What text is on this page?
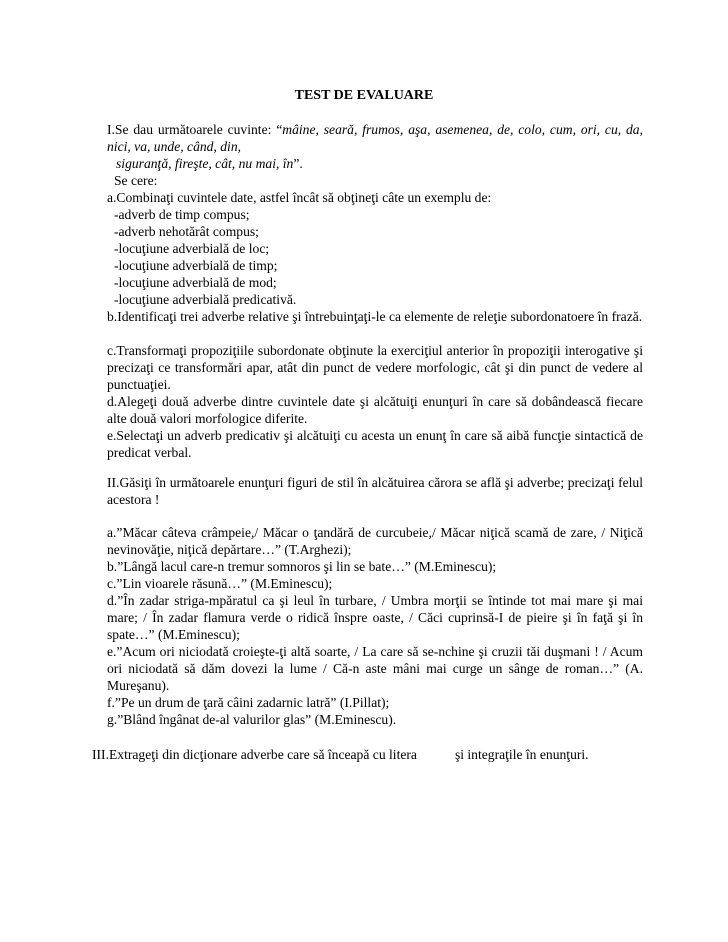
TEST DE EVALUARE
I.Se dau următoarele cuvinte: “mâine, seară, frumos, aşa, asemenea, de, colo, cum, ori, cu, da, nici, va, unde, când, din,
siguranţă, fireşte, cât, nu mai, în”.
Se cere:
a.Combinaţi cuvintele date, astfel încât să obţineţi câte un exemplu de:
-adverb de timp compus;
-adverb nehotărât compus;
-locuţiune adverbială de loc;
-locuţiune adverbială de timp;
-locuţiune adverbială de mod;
-locuţiune adverbială predicativă.
b.Identificaţi trei adverbe relative şi întrebuinţaţi-le ca elemente de releţie subordonatoere în frază.
c.Transformaţi propoziţiile subordonate obţinute la exerciţiul anterior în propoziţii interogative şi precizaţi ce transformări apar, atât din punct de vedere morfologic, cât şi din punct de vedere al punctuaţiei.
d.Alegeţi două adverbe dintre cuvintele date şi alcătuiţi enunţuri în care să dobândească fiecare alte două valori morfologice diferite.
e.Selectaţi un adverb predicativ şi alcătuiţi cu acesta un enunţ în care să aibă funcţie sintactică de predicat verbal.
II.Găsiţi în următoarele enunţuri figuri de stil în alcătuirea cărora se află şi adverbe; precizaţi felul acestora !
a.”Măcar câteva crâmpeie,/ Măcar o ţandără de curcubeie,/ Măcar niţică scamă de zare, / Niţică nevinovăţie, niţică depărtare…” (T.Arghezi);
b.”Lângă lacul care-n tremur somnoros şi lin se bate…” (M.Eminescu);
c.”Lin vioarele răsună…” (M.Eminescu);
d.”În zadar striga-mpăratul ca şi leul în turbare, / Umbra morţii se întinde tot mai mare şi mai mare; / În zadar flamura verde o ridică înspre oaste, / Căci cuprinsă-I de pieire şi în faţă şi în spate…” (M.Eminescu);
e.”Acum ori niciodată croieşte-ţi altă soarte, / La care să se-nchine şi cruzii tăi duşmani ! / Acum ori niciodată să dăm dovezi la lume / Că-n aste mâni mai curge un sânge de roman…” (A. Mureşanu).
f.”Pe un drum de ţară câini zadarnic latră” (I.Pillat);
g.”Blând îngânat de-al valurilor glas” (M.Eminescu).
III.Extrageţi din dicţionare adverbe care să înceapă cu litera	şi integraţile în enunţuri.
